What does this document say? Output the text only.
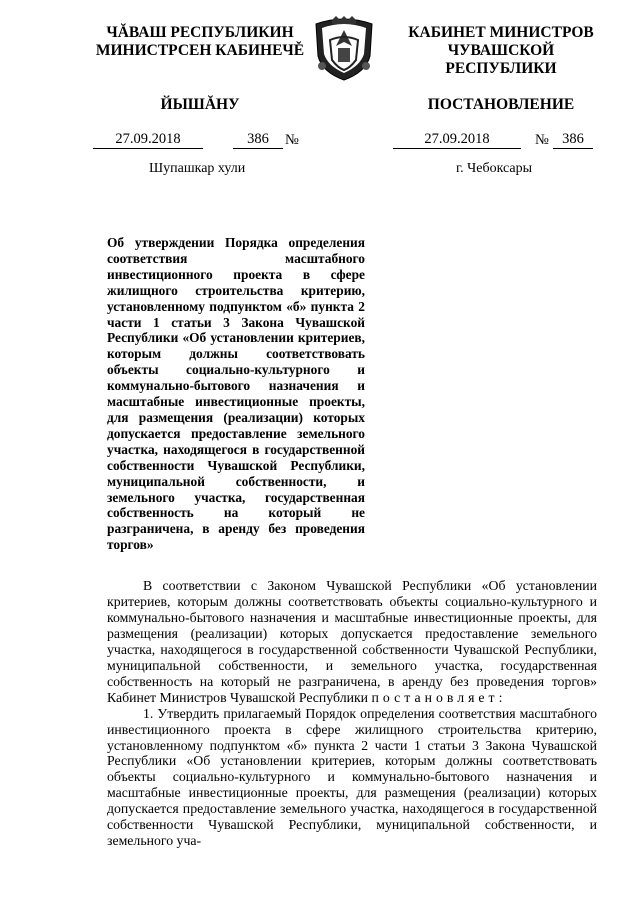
ЧĂВАШ РЕСПУБЛИКИН
МИНИСТРСЕН КАБИНЕЧĚ
ЙЫШĂНУ
КАБИНЕТ МИНИСТРОВ
ЧУВАШСКОЙ РЕСПУБЛИКИ
ПОСТАНОВЛЕНИЕ
27.09.2018	386	№	27.09.2018	№ 386
Шупашкар хули	г. Чебоксары
Об утверждении Порядка определения соответствия масштабного инвестиционного проекта в сфере жилищного строительства критерию, установленному подпунктом «б» пункта 2 части 1 статьи 3 Закона Чувашской Республики «Об установлении критериев, которым должны соответствовать объекты социально-культурного и коммунально-бытового назначения и масштабные инвестиционные проекты, для размещения (реализации) которых допускается предоставление земельного участка, находящегося в государственной собственности Чувашской Республики, муниципальной собственности, и земельного участка, государственная собственность на который не разграничена, в аренду без проведения торгов»

В соответствии с Законом Чувашской Республики «Об установлении критериев, которым должны соответствовать объекты социально-культурного и коммунально-бытового назначения и масштабные инвестиционные проекты, для размещения (реализации) которых допускается предоставление земельного участка, находящегося в государственной собственности Чувашской Республики, муниципальной собственности, и земельного участка, государственная собственность на который не разграничена, в аренду без проведения торгов» Кабинет Министров Чувашской Республики постановляет:

1. Утвердить прилагаемый Порядок определения соответствия масштабного инвестиционного проекта в сфере жилищного строительства критерию, установленному подпунктом «б» пункта 2 части 1 статьи 3 Закона Чувашской Республики «Об установлении критериев, которым должны соответствовать объекты социально-культурного и коммунально-бытового назначения и масштабные инвестиционные проекты, для размещения (реализации) которых допускается предоставление земельного участка, находящегося в государственной собственности Чувашской Республики, муниципальной собственности, и земельного уча-
